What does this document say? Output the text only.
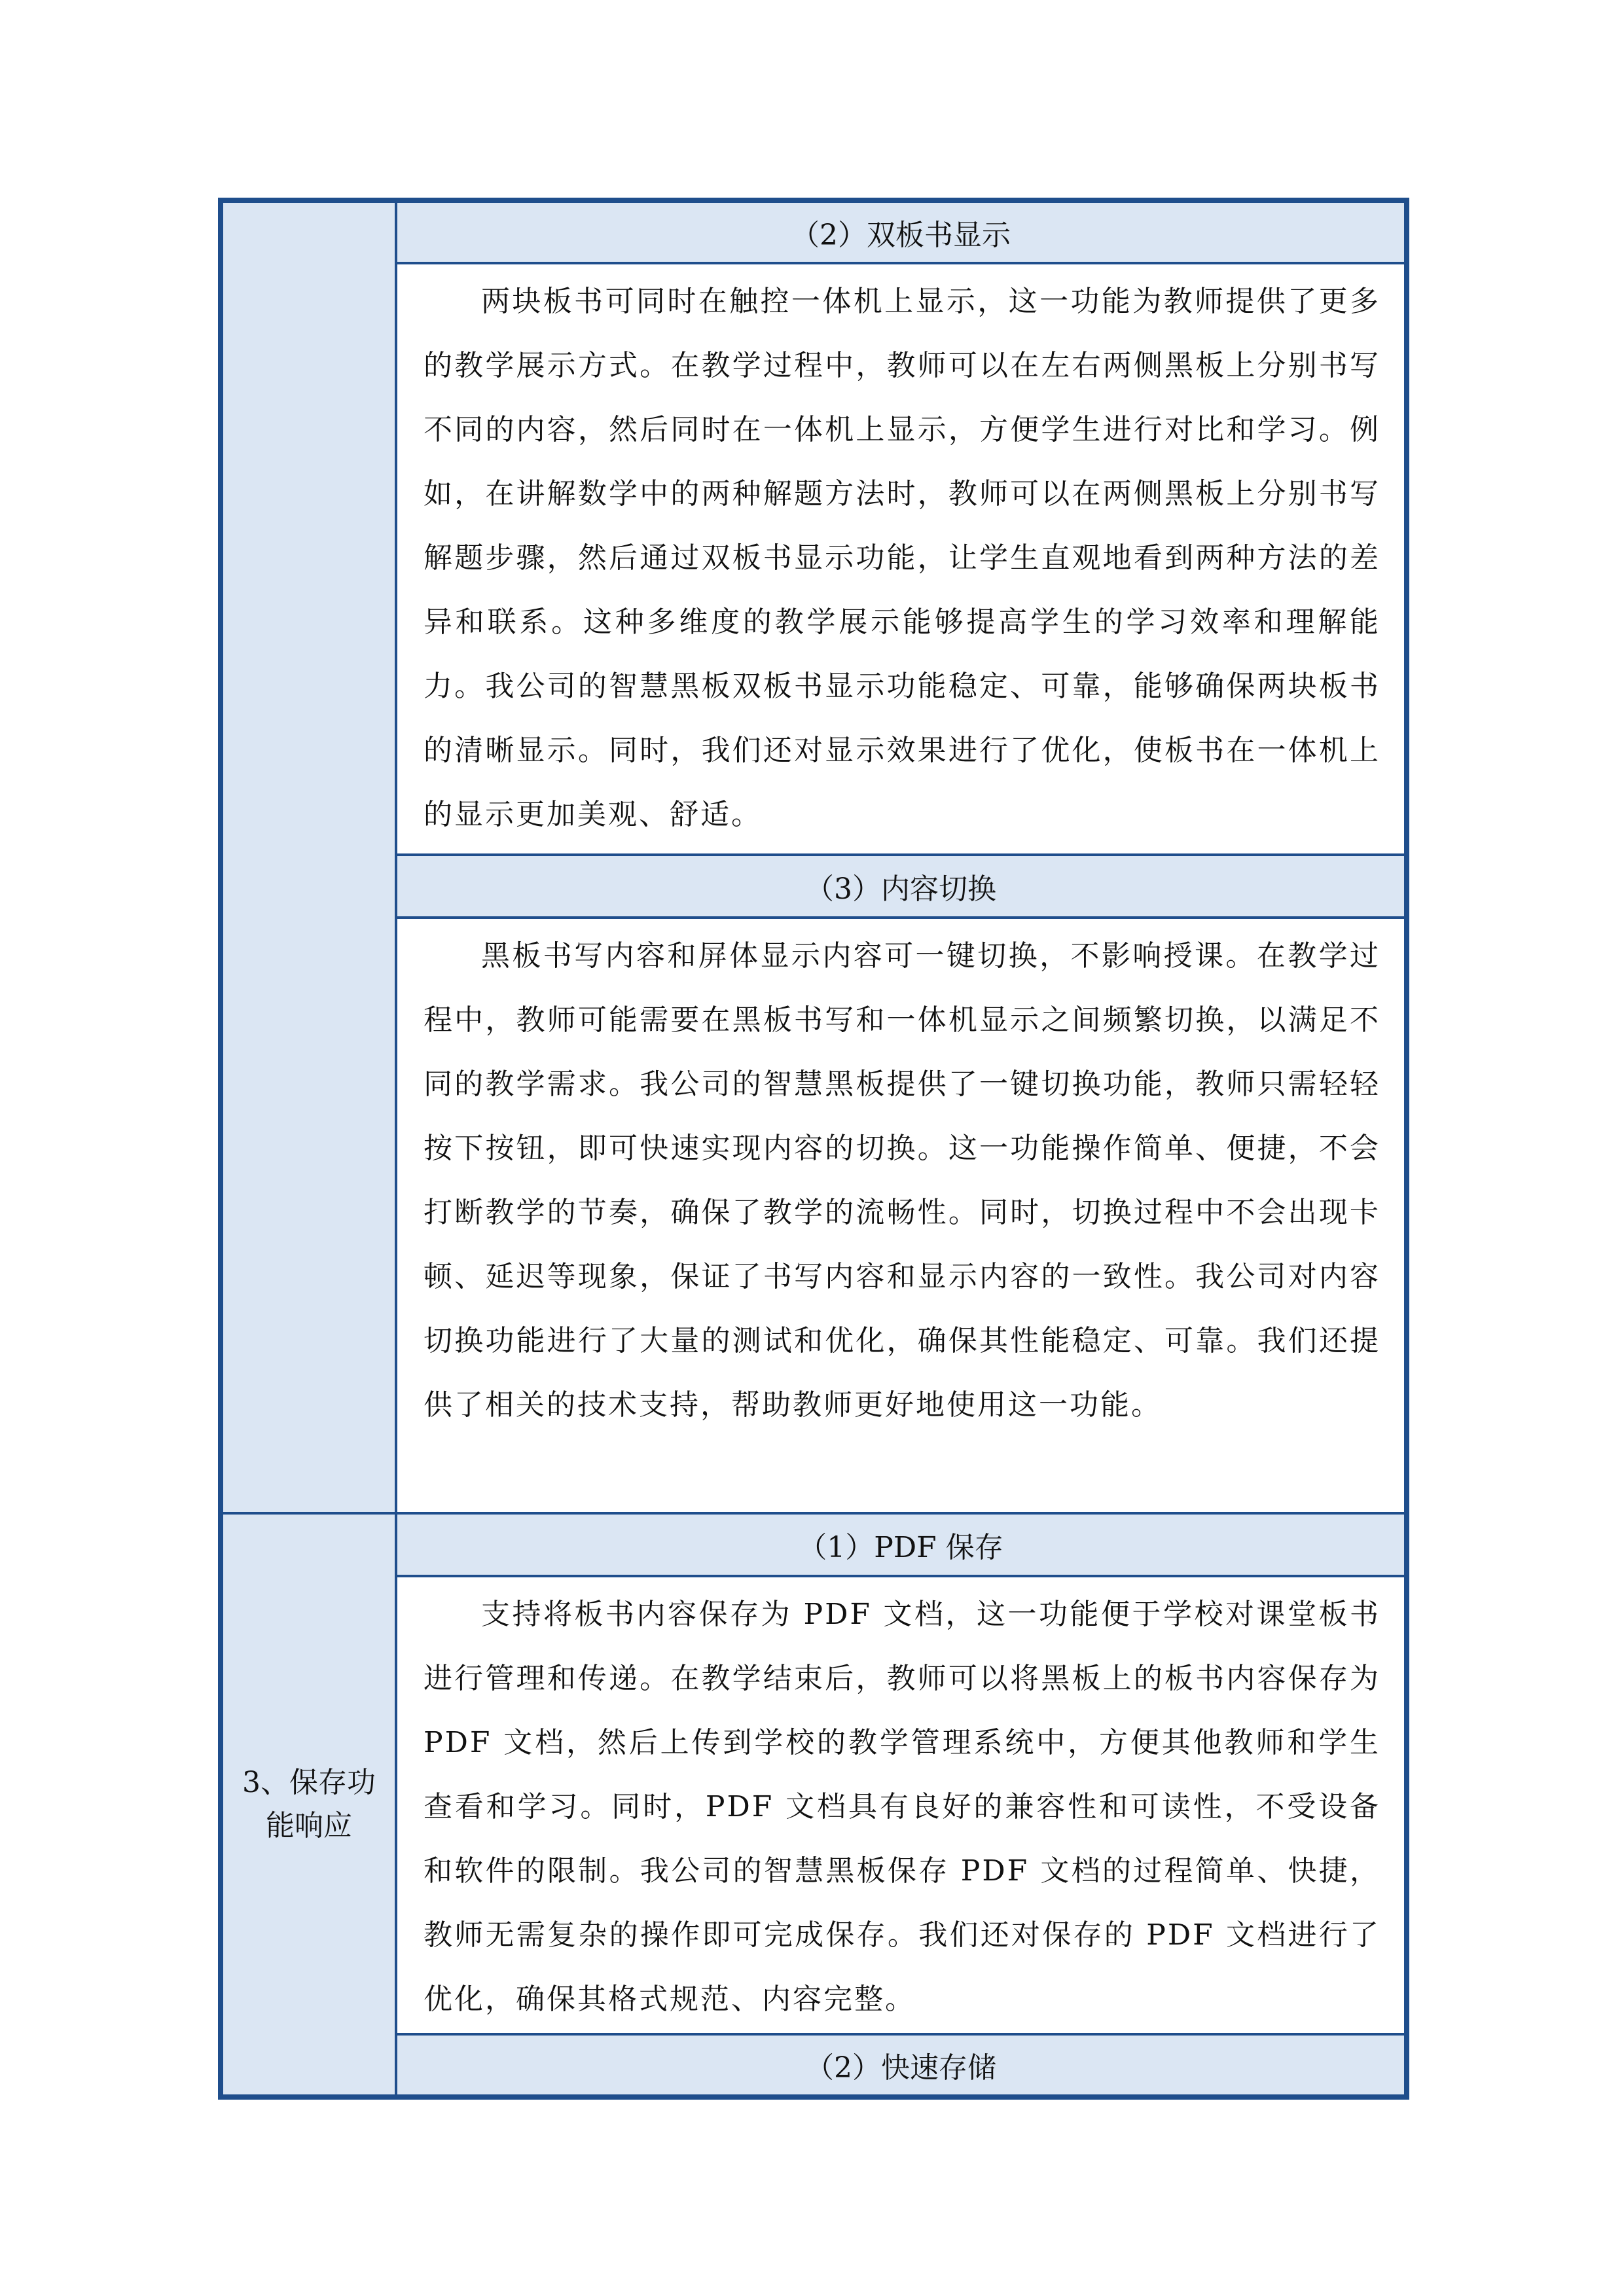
	（2）双板书显示

	两块板书可同时在触控一体机上显示，这一功能为教师提供了更多的教学展示方式。在教学过程中，教师可以在左右两侧黑板上分别书写不同的内容，然后同时在一体机上显示，方便学生进行对比和学习。例如，在讲解数学中的两种解题方法时，教师可以在两侧黑板上分别书写解题步骤，然后通过双板书显示功能，让学生直观地看到两种方法的差异和联系。这种多维度的教学展示能够提高学生的学习效率和理解能力。我公司的智慧黑板双板书显示功能稳定、可靠，能够确保两块板书的清晰显示。同时，我们还对显示效果进行了优化，使板书在一体机上的显示更加美观、舒适。

	（3）内容切换

	黑板书写内容和屏体显示内容可一键切换，不影响授课。在教学过程中，教师可能需要在黑板书写和一体机显示之间频繁切换，以满足不同的教学需求。我公司的智慧黑板提供了一键切换功能，教师只需轻轻按下按钮，即可快速实现内容的切换。这一功能操作简单、便捷，不会打断教学的节奏，确保了教学的流畅性。同时，切换过程中不会出现卡顿、延迟等现象，保证了书写内容和显示内容的一致性。我公司对内容切换功能进行了大量的测试和优化，确保其性能稳定、可靠。我们还提供了相关的技术支持，帮助教师更好地使用这一功能。

3、保存功能响应	（1）PDF 保存

	支持将板书内容保存为 PDF 文档，这一功能便于学校对课堂板书进行管理和传递。在教学结束后，教师可以将黑板上的板书内容保存为 PDF 文档，然后上传到学校的教学管理系统中，方便其他教师和学生查看和学习。同时，PDF 文档具有良好的兼容性和可读性，不受设备和软件的限制。我公司的智慧黑板保存 PDF 文档的过程简单、快捷，教师无需复杂的操作即可完成保存。我们还对保存的 PDF 文档进行了优化，确保其格式规范、内容完整。

	（2）快速存储
